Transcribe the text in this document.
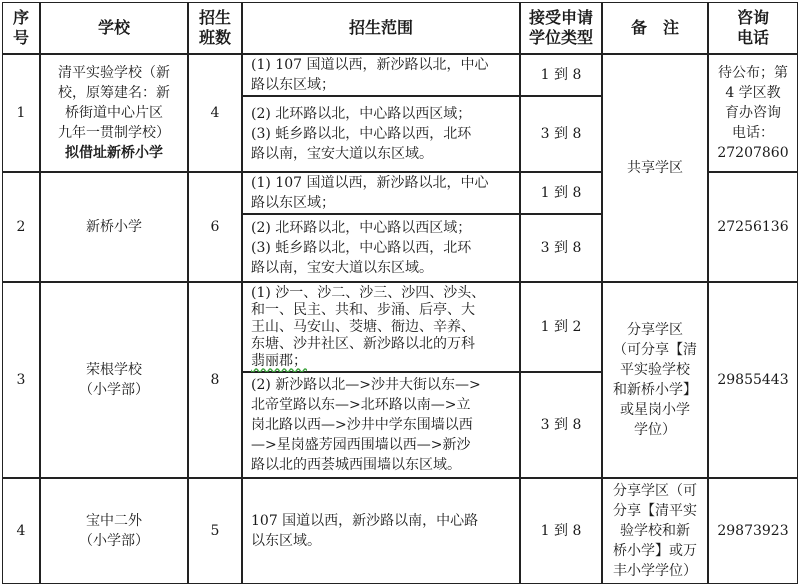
序
号
学校
招生
班数
招生范围
接受申请
学位类型
备　注
咨询
电话
1
清平实验学校（新
校，原筹建名：新
桥街道中心片区
九年一贯制学校）
拟借址新桥小学
4
(1) 107 国道以西，新沙路以北，中心
路以东区域；
1 到 8
(2) 北环路以北，中心路以西区域；
(3) 蚝乡路以北，中心路以西，北环
路以南，宝安大道以东区域。
3 到 8
待公布；第
4 学区教
育办咨询
电话：
27207860
共享学区
2	新桥小学	6
(1) 107 国道以西，新沙路以北，中心
路以东区域；
1 到 8
(2) 北环路以北，中心路以西区域；
(3) 蚝乡路以北，中心路以西，北环
路以南，宝安大道以东区域。
3 到 8
27256136
3
荣根学校
（小学部）
8
(1) 沙一、沙二、沙三、沙四、沙头、
和一、民主、共和、步涌、后亭、大
王山、马安山、茭塘、衙边、辛养、
东塘、沙井社区、新沙路以北的万科
翡丽郡；
1 到 2
(2) 新沙路以北—>沙井大街以东—>
北帝堂路以东—>北环路以南—>立
岗北路以西—>沙井中学东围墙以西
—>星岗盛芳园西围墙以西—>新沙
路以北的西荟城西围墙以东区域。
3 到 8
分享学区
（可分享【清
平实验学校
和新桥小学】
或星岗小学
学位）
29855443
4
宝中二外
（小学部）
5
107 国道以西，新沙路以南，中心路
以东区域。
1 到 8
分享学区（可
分享【清平实
验学校和新
桥小学】或万
丰小学学位）
29873923
